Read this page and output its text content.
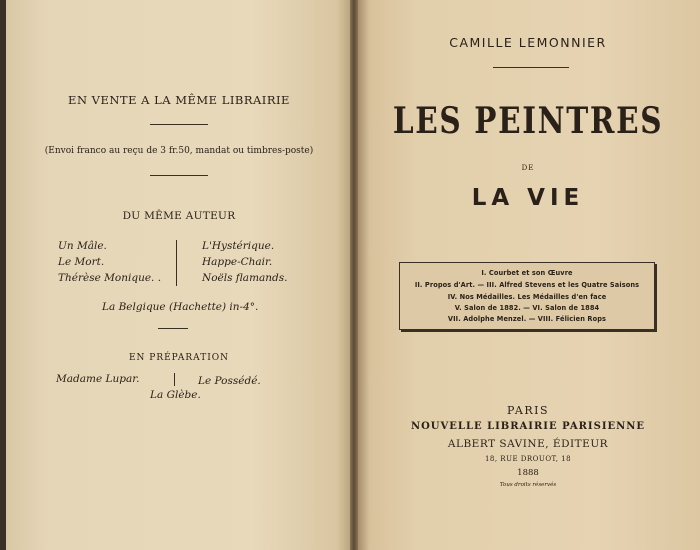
EN VENTE A LA MÊME LIBRAIRIE
(Envoi franco au reçu de 3 fr.50, mandat ou timbres-poste)
DU MÊME AUTEUR
Un Mâle.
Le Mort.
Thérèse Monique. .
L'Hystérique.
Happe-Chair.
Noëls flamands.
La Belgique (Hachette) in-4°.
EN PRÉPARATION
Madame Lupar.	Le Possédé.
La Glèbe.
CAMILLE LEMONNIER
LES PEINTRES
DE
LA VIE
I. Courbet et son Œuvre
II. Propos d'Art. — III. Alfred Stevens et les Quatre Saisons
IV. Nos Médailles. Les Médailles d'en face
V. Salon de 1882. — VI. Salon de 1884
VII. Adolphe Menzel. — VIII. Félicien Rops
PARIS
NOUVELLE LIBRAIRIE PARISIENNE
ALBERT SAVINE, ÉDITEUR
18, RUE DROUOT, 18
1888
Tous droits réservés
